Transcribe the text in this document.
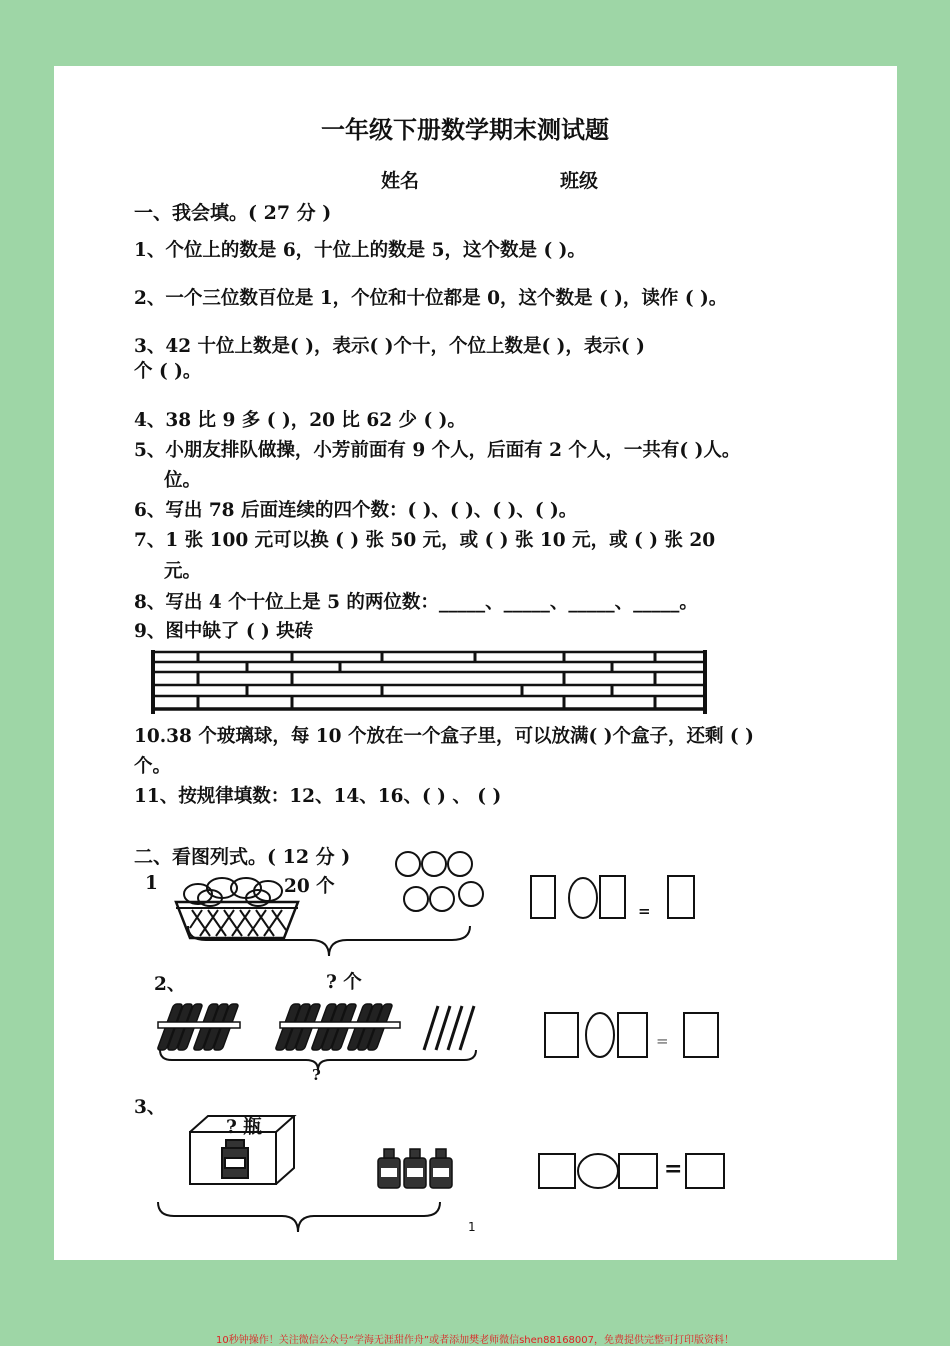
一年级下册数学期末测试题
姓名	班级
一、我会填。( 27 分 )
1、个位上的数是 6，十位上的数是 5，这个数是 ( )。
2、一个三位数百位是 1，个位和十位都是 0，这个数是 ( )，读作 ( )。
3、42 十位上数是( )，表示( )个十，个位上数是( )，表示( )
个 ( )。
4、38 比 9 多 ( )，20 比 62 少 ( )。
5、小朋友排队做操，小芳前面有 9 个人，后面有 2 个人，一共有( )人。
位。
6、写出 78 后面连续的四个数：( )、( )、( )、( )。
7、1 张 100 元可以换 ( ) 张 50 元，或 ( ) 张 10 元，或 ( ) 张 20
元。
8、写出 4 个十位上是 5 的两位数：_____、_____、_____、_____。
9、图中缺了 ( ) 块砖
10.38 个玻璃球，每 10 个放在一个盒子里，可以放满( )个盒子，还剩 ( )
个。
11、按规律填数：12、14、16、( ) 、 ( )
二、看图列式。( 12 分 )
1	20 个
=
2、	? 个
?
=
3、
? 瓶
=
1
10秒钟操作！关注微信公众号“学海无涯甜作舟”或者添加樊老师微信shen88168007，免费提供完整可打印版资料！
